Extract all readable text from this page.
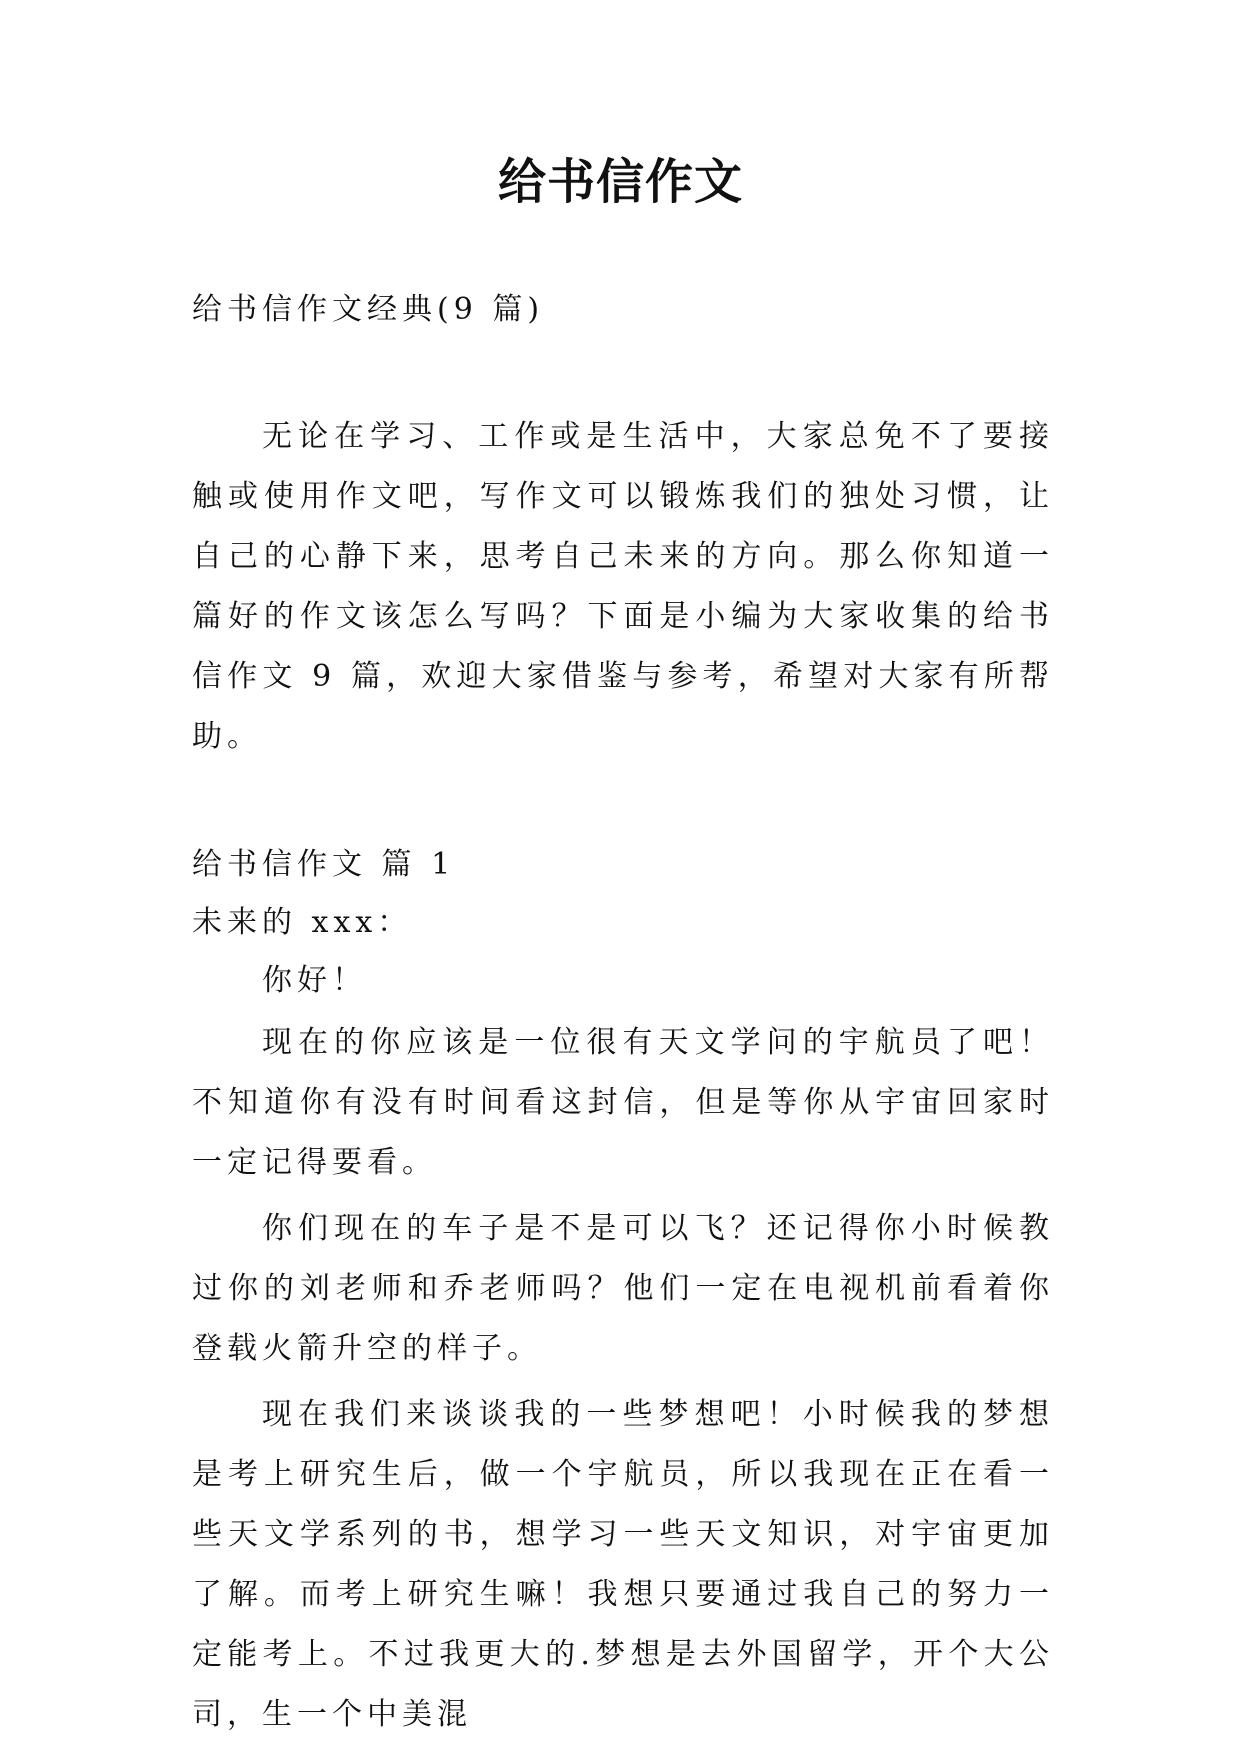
给书信作文

给书信作文经典(9 篇)

无论在学习、工作或是生活中，大家总免不了要接触或使用作文吧，写作文可以锻炼我们的独处习惯，让自己的心静下来，思考自己未来的方向。那么你知道一篇好的作文该怎么写吗？下面是小编为大家收集的给书信作文 9 篇，欢迎大家借鉴与参考，希望对大家有所帮助。

给书信作文 篇 1

未来的 xxx：

你好！

现在的你应该是一位很有天文学问的宇航员了吧！不知道你有没有时间看这封信，但是等你从宇宙回家时一定记得要看。

你们现在的车子是不是可以飞？还记得你小时候教过你的刘老师和乔老师吗？他们一定在电视机前看着你登载火箭升空的样子。

现在我们来谈谈我的一些梦想吧！小时候我的梦想是考上研究生后，做一个宇航员，所以我现在正在看一些天文学系列的书，想学习一些天文知识，对宇宙更加了解。而考上研究生嘛！我想只要通过我自己的努力一定能考上。不过我更大的.梦想是去外国留学，开个大公司，生一个中美混
